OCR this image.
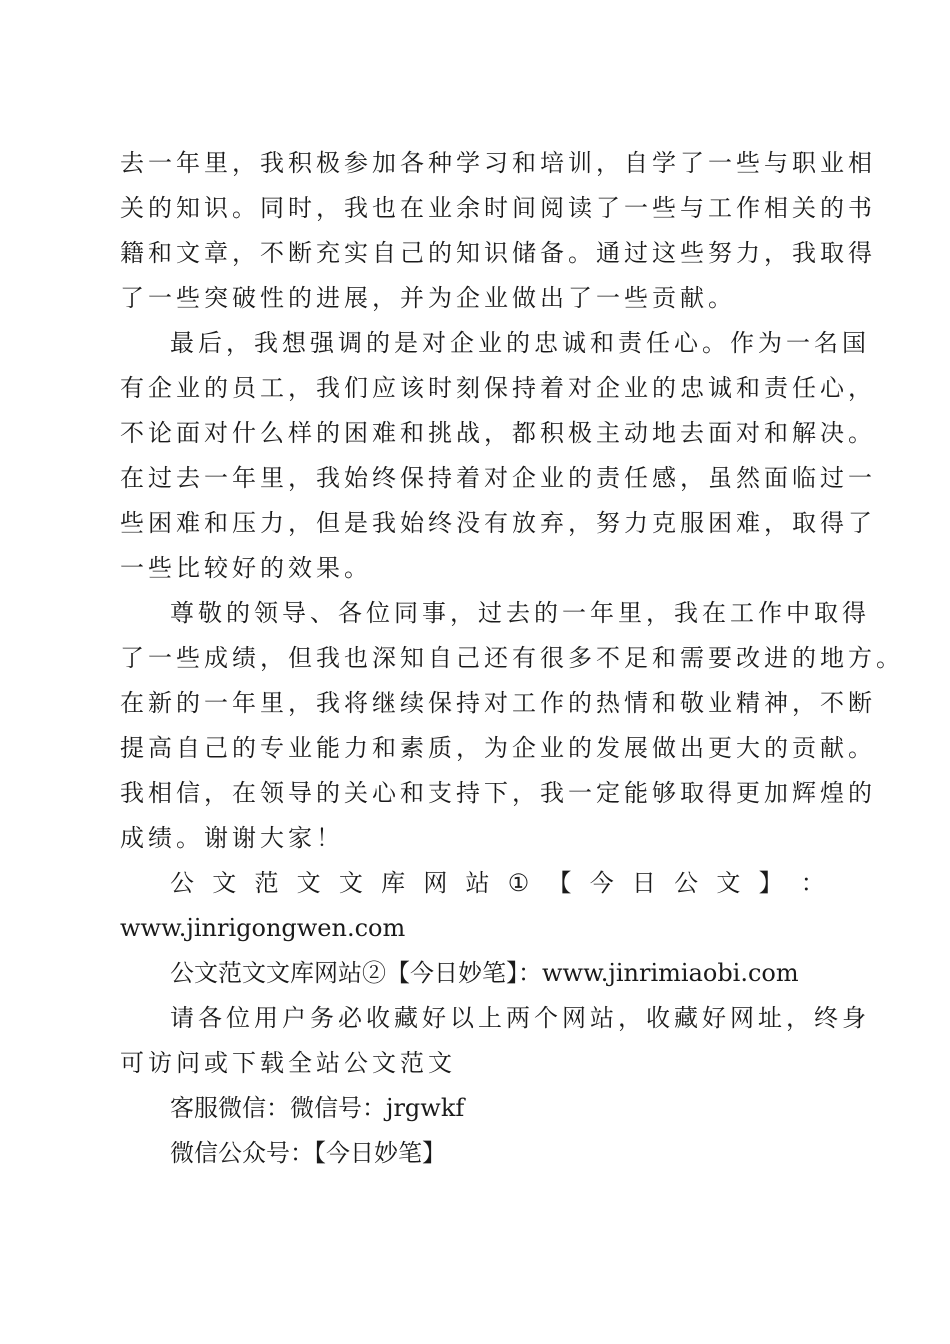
去一年里，我积极参加各种学习和培训，自学了一些与职业相
关的知识。同时，我也在业余时间阅读了一些与工作相关的书
籍和文章，不断充实自己的知识储备。通过这些努力，我取得
了一些突破性的进展，并为企业做出了一些贡献。
最后，我想强调的是对企业的忠诚和责任心。作为一名国
有企业的员工，我们应该时刻保持着对企业的忠诚和责任心，
不论面对什么样的困难和挑战，都积极主动地去面对和解决。
在过去一年里，我始终保持着对企业的责任感，虽然面临过一
些困难和压力，但是我始终没有放弃，努力克服困难，取得了
一些比较好的效果。
尊敬的领导、各位同事，过去的一年里，我在工作中取得
了一些成绩，但我也深知自己还有很多不足和需要改进的地方。
在新的一年里，我将继续保持对工作的热情和敬业精神，不断
提高自己的专业能力和素质，为企业的发展做出更大的贡献。
我相信，在领导的关心和支持下，我一定能够取得更加辉煌的
成绩。谢谢大家！
公 文 范 文 文 库 网 站 ① 【 今 日 公 文 】 ：
www.jinrigongwen.com
公文范文文库网站②【今日妙笔】：www.jinrimiaobi.com
请各位用户务必收藏好以上两个网站，收藏好网址，终身
可访问或下载全站公文范文
客服微信：微信号：jrgwkf
微信公众号：【今日妙笔】
